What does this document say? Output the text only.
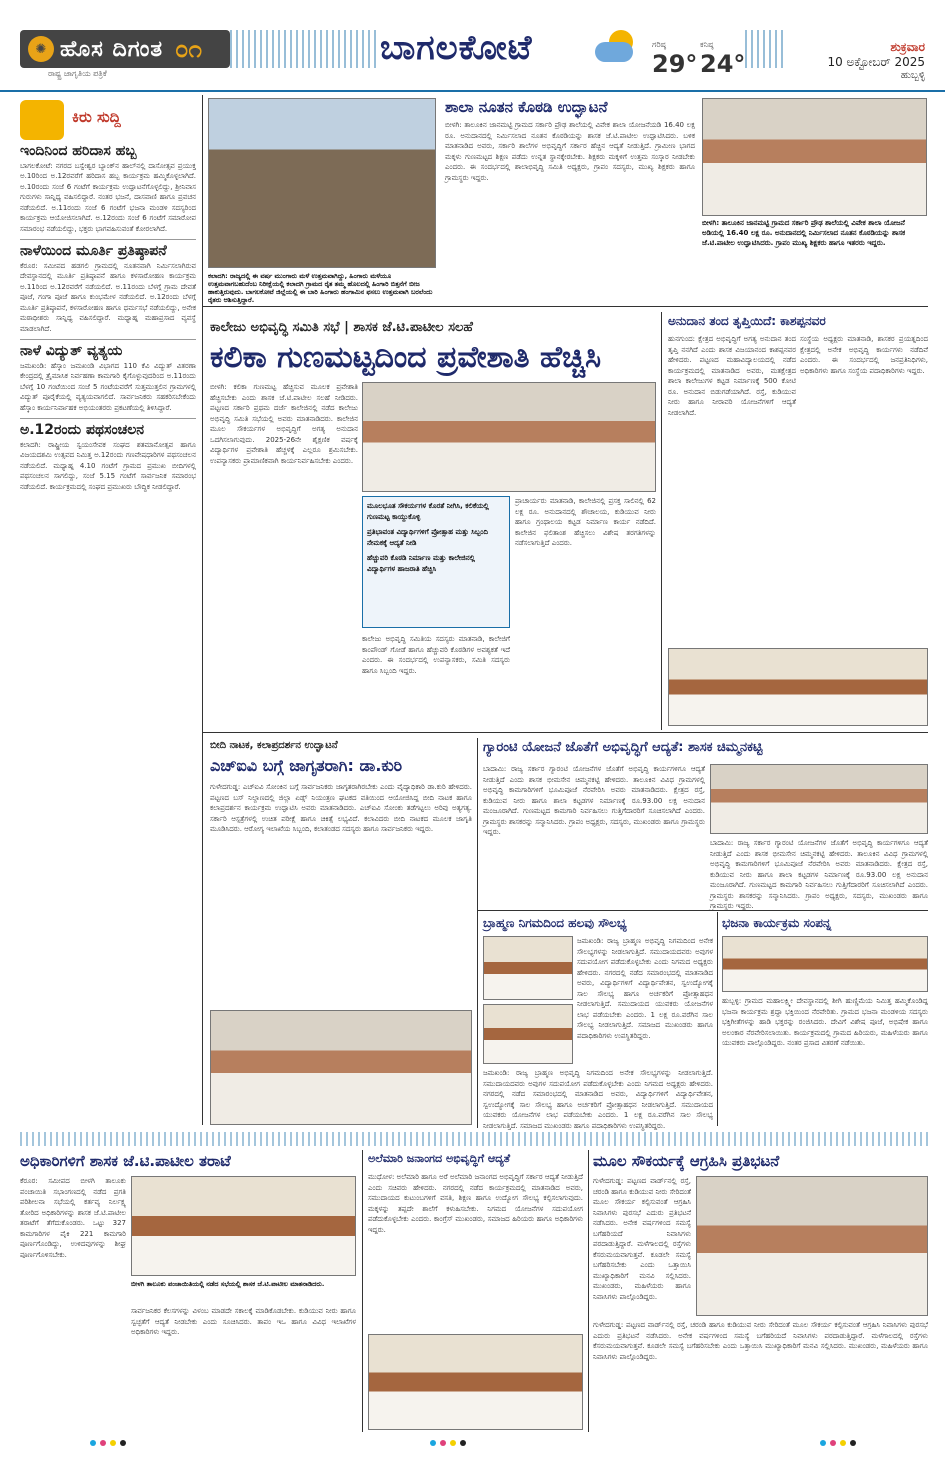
✺ ಹೊಸ ದಿಗಂತ
ರಾಷ್ಟ್ರ ಜಾಗೃತಿಯ ಪತ್ರಿಕೆ
೦೧	ಬಾಗಲಕೋಟೆ	ಗರಿಷ್ಠ
29°
ಕನಿಷ್ಠ
24°
ಶುಕ್ರವಾರ
10 ಅಕ್ಟೋಬರ್ 2025
ಹುಬ್ಬಳ್ಳಿ
ಕಿರು ಸುದ್ದಿ
ಇಂದಿನಿಂದ ಹರಿದಾಸ ಹಬ್ಬ
ಬಾಗಲಕೋಟೆ: ನಗರದ ಬಸ್ವೇಶ್ವರ ಬ್ಯಾಂಕ್‌ನ ಹಾಲ್‌ನಲ್ಲಿ ದಾಸೋತ್ಸವ ಪ್ರಯುಕ್ತ ಅ.10ರಿಂದ ಅ.12ರವರೆಗೆ ಹರಿದಾಸ ಹಬ್ಬ ಕಾರ್ಯಕ್ರಮ ಹಮ್ಮಿಕೊಳ್ಳಲಾಗಿದೆ. ಅ.10ರಂದು ಸಂಜೆ 6 ಗಂಟೆಗೆ ಕಾರ್ಯಕ್ರಮ ಉದ್ಘಾಟನೆಗೊಳ್ಳಲಿದ್ದು, ಶ್ರೀನಿವಾಸ ಗುರುಗಳು ಸಾನ್ನಿಧ್ಯ ವಹಿಸಲಿದ್ದಾರೆ. ನಂತರ ಭಜನೆ, ದಾಸವಾಣಿ ಹಾಗೂ ಪ್ರವಚನ ನಡೆಯಲಿದೆ. ಅ.11ರಂದು ಸಂಜೆ 6 ಗಂಟೆಗೆ ಭಜನಾ ಮಂಡಳಿ ಸದಸ್ಯರಿಂದ ಕಾರ್ಯಕ್ರಮ ಆಯೋಜಿಸಲಾಗಿದೆ. ಅ.12ರಂದು ಸಂಜೆ 6 ಗಂಟೆಗೆ ಸಮಾರೋಪ ಸಮಾರಂಭ ನಡೆಯಲಿದ್ದು, ಭಕ್ತರು ಭಾಗವಹಿಸುವಂತೆ ಕೋರಲಾಗಿದೆ.
ನಾಳೆಯಿಂದ ಮೂರ್ತಿ ಪ್ರತಿಷ್ಠಾಪನೆ
ಕೆರೂರ: ಸಮೀಪದ ಹಡಗಲಿ ಗ್ರಾಮದಲ್ಲಿ ನೂತನವಾಗಿ ನಿರ್ಮಿಸಲಾಗಿರುವ ದೇವಸ್ಥಾನದಲ್ಲಿ ಮೂರ್ತಿ ಪ್ರತಿಷ್ಠಾಪನೆ ಹಾಗೂ ಕಳಸಾರೋಹಣ ಕಾರ್ಯಕ್ರಮ ಅ.11ರಿಂದ ಅ.12ರವರೆಗೆ ನಡೆಯಲಿದೆ. ಅ.11ರಂದು ಬೆಳಗ್ಗೆ ಗ್ರಾಮ ದೇವತೆ ಪೂಜೆ, ಗಂಗಾ ಪೂಜೆ ಹಾಗೂ ಕುಂಭಮೇಳ ನಡೆಯಲಿದೆ. ಅ.12ರಂದು ಬೆಳಗ್ಗೆ ಮೂರ್ತಿ ಪ್ರತಿಷ್ಠಾಪನೆ, ಕಳಸಾರೋಹಣ ಹಾಗೂ ಧರ್ಮಸಭೆ ನಡೆಯಲಿದ್ದು, ಅನೇಕ ಮಠಾಧೀಶರು ಸಾನ್ನಿಧ್ಯ ವಹಿಸಲಿದ್ದಾರೆ. ಮಧ್ಯಾಹ್ನ ಮಹಾಪ್ರಸಾದ ವ್ಯವಸ್ಥೆ ಮಾಡಲಾಗಿದೆ.
ನಾಳೆ ವಿದ್ಯುತ್ ವ್ಯತ್ಯಯ
ಜಮಖಂಡಿ: ಹೆಸ್ಕಾಂ ಜಮಖಂಡಿ ವಿಭಾಗದ 110 ಕೆವಿ ವಿದ್ಯುತ್ ವಿತರಣಾ ಕೇಂದ್ರದಲ್ಲಿ ತ್ರೈಮಾಸಿಕ ನಿರ್ವಹಣಾ ಕಾಮಗಾರಿ ಕೈಗೊಳ್ಳುವುದರಿಂದ ಅ.11ರಂದು ಬೆಳಗ್ಗೆ 10 ಗಂಟೆಯಿಂದ ಸಂಜೆ 5 ಗಂಟೆಯವರೆಗೆ ಸುತ್ತಮುತ್ತಲಿನ ಗ್ರಾಮಗಳಲ್ಲಿ ವಿದ್ಯುತ್ ಪೂರೈಕೆಯಲ್ಲಿ ವ್ಯತ್ಯಯವಾಗಲಿದೆ. ಸಾರ್ವಜನಿಕರು ಸಹಕರಿಸಬೇಕೆಂದು ಹೆಸ್ಕಾಂ ಕಾರ್ಯನಿರ್ವಾಹಕ ಅಭಿಯಂತರರು ಪ್ರಕಟಣೆಯಲ್ಲಿ ತಿಳಿಸಿದ್ದಾರೆ.
ಅ.12ರಂದು ಪಥಸಂಚಲನ
ಕಲಾದಗಿ: ರಾಷ್ಟ್ರೀಯ ಸ್ವಯಂಸೇವಕ ಸಂಘದ ಶತಮಾನೋತ್ಸವ ಹಾಗೂ ವಿಜಯದಶಮಿ ಉತ್ಸವದ ನಿಮಿತ್ತ ಅ.12ರಂದು ಗಣವೇಷಧಾರಿಗಳ ಪಥಸಂಚಲನ ನಡೆಯಲಿದೆ. ಮಧ್ಯಾಹ್ನ 4.10 ಗಂಟೆಗೆ ಗ್ರಾಮದ ಪ್ರಮುಖ ಬೀದಿಗಳಲ್ಲಿ ಪಥಸಂಚಲನ ಸಾಗಲಿದ್ದು, ಸಂಜೆ 5.15 ಗಂಟೆಗೆ ಸಾರ್ವಜನಿಕ ಸಮಾರಂಭ ನಡೆಯಲಿದೆ. ಕಾರ್ಯಕ್ರಮದಲ್ಲಿ ಸಂಘದ ಪ್ರಮುಖರು ಬೌದ್ಧಿಕ ನೀಡಲಿದ್ದಾರೆ.
ಕಲಾದಗಿ: ರಾಜ್ಯದಲ್ಲಿ ಈ ವರ್ಷ ಮುಂಗಾರು ಮಳೆ ಉತ್ತಮವಾಗಿದ್ದು, ಹಿಂಗಾರು ಮಳೆಯೂ ಉತ್ತಮವಾಗಬಹುದೆಂಬ ನಿರೀಕ್ಷೆಯಲ್ಲಿ ಕಲಾದಗಿ ಗ್ರಾಮದ ರೈತ ತಮ್ಮ ಹೊಲದಲ್ಲಿ ಹಿಂಗಾರಿ ಬಿತ್ತನೆಗೆ ಬೀಜ ಹಾಕುತ್ತಿರುವುದು. ಬಾಗಲಕೋಟೆ ಜಿಲ್ಲೆಯಲ್ಲಿ ಈ ಬಾರಿ ಹಿಂಗಾರು ಹಂಗಾಮಿನ ಫಸಲು ಉತ್ತಮವಾಗಿ ಬರಲೆಂದು ರೈತರು ಆಶಿಸುತ್ತಿದ್ದಾರೆ.
ಶಾಲಾ ನೂತನ ಕೊಠಡಿ ಉದ್ಘಾಟನೆ
ಬೀಳಗಿ: ತಾಲೂಕಿನ ಜಾನಮಟ್ಟಿ ಗ್ರಾಮದ ಸರ್ಕಾರಿ ಪ್ರೌಢ ಶಾಲೆಯಲ್ಲಿ ವಿವೇಕ ಶಾಲಾ ಯೋಜನೆಯಡಿ 16.40 ಲಕ್ಷ ರೂ. ಅನುದಾನದಲ್ಲಿ ನಿರ್ಮಿಸಲಾದ ನೂತನ ಕೊಠಡಿಯನ್ನು ಶಾಸಕ ಜೆ.ಟಿ.ಪಾಟೀಲ ಉದ್ಘಾಟಿಸಿದರು. ಬಳಿಕ ಮಾತನಾಡಿದ ಅವರು, ಸರ್ಕಾರಿ ಶಾಲೆಗಳ ಅಭಿವೃದ್ಧಿಗೆ ಸರ್ಕಾರ ಹೆಚ್ಚಿನ ಆದ್ಯತೆ ನೀಡುತ್ತಿದೆ. ಗ್ರಾಮೀಣ ಭಾಗದ ಮಕ್ಕಳು ಗುಣಮಟ್ಟದ ಶಿಕ್ಷಣ ಪಡೆದು ಉನ್ನತ ಸ್ಥಾನಕ್ಕೇರಬೇಕು. ಶಿಕ್ಷಕರು ಮಕ್ಕಳಿಗೆ ಉತ್ತಮ ಸಂಸ್ಕಾರ ನೀಡಬೇಕು ಎಂದರು. ಈ ಸಂದರ್ಭದಲ್ಲಿ ಶಾಲಾಭಿವೃದ್ಧಿ ಸಮಿತಿ ಅಧ್ಯಕ್ಷರು, ಗ್ರಾಪಂ ಸದಸ್ಯರು, ಮುಖ್ಯ ಶಿಕ್ಷಕರು ಹಾಗೂ ಗ್ರಾಮಸ್ಥರು ಇದ್ದರು.
ಬೀಳಗಿ: ತಾಲೂಕಿನ ಜಾನಮಟ್ಟಿ ಗ್ರಾಮದ ಸರ್ಕಾರಿ ಪ್ರೌಢ ಶಾಲೆಯಲ್ಲಿ ವಿವೇಕ ಶಾಲಾ ಯೋಜನೆ ಅಡಿಯಲ್ಲಿ 16.40 ಲಕ್ಷ ರೂ. ಅನುದಾನದಲ್ಲಿ ನಿರ್ಮಿಸಲಾದ ನೂತನ ಕೊಠಡಿಯನ್ನು ಶಾಸಕ ಜೆ.ಟಿ.ಪಾಟೀಲ ಉದ್ಘಾಟಿಸಿದರು. ಗ್ರಾಪಂ ಮುಖ್ಯ ಶಿಕ್ಷಕರು ಹಾಗೂ ಇತರರು ಇದ್ದರು.
ಕಾಲೇಜು ಅಭಿವೃದ್ಧಿ ಸಮಿತಿ ಸಭೆ | ಶಾಸಕ ಜೆ.ಟಿ.ಪಾಟೀಲ ಸಲಹೆ
ಕಲಿಕಾ ಗುಣಮಟ್ಟದಿಂದ ಪ್ರವೇಶಾತಿ ಹೆಚ್ಚಿಸಿ
ಬೀಳಗಿ: ಕಲಿಕಾ ಗುಣಮಟ್ಟ ಹೆಚ್ಚಿಸುವ ಮೂಲಕ ಪ್ರವೇಶಾತಿ ಹೆಚ್ಚಿಸಬೇಕು ಎಂದು ಶಾಸಕ ಜೆ.ಟಿ.ಪಾಟೀಲ ಸಲಹೆ ನೀಡಿದರು. ಪಟ್ಟಣದ ಸರ್ಕಾರಿ ಪ್ರಥಮ ದರ್ಜೆ ಕಾಲೇಜಿನಲ್ಲಿ ನಡೆದ ಕಾಲೇಜು ಅಭಿವೃದ್ಧಿ ಸಮಿತಿ ಸಭೆಯಲ್ಲಿ ಅವರು ಮಾತನಾಡಿದರು. ಕಾಲೇಜಿನ ಮೂಲ ಸೌಕರ್ಯಗಳ ಅಭಿವೃದ್ಧಿಗೆ ಅಗತ್ಯ ಅನುದಾನ ಒದಗಿಸಲಾಗುವುದು. 2025-26ನೇ ಶೈಕ್ಷಣಿಕ ವರ್ಷಕ್ಕೆ ವಿದ್ಯಾರ್ಥಿಗಳ ಪ್ರವೇಶಾತಿ ಹೆಚ್ಚಳಕ್ಕೆ ಎಲ್ಲರೂ ಶ್ರಮಿಸಬೇಕು. ಉಪನ್ಯಾಸಕರು ಪ್ರಾಮಾಣಿಕವಾಗಿ ಕಾರ್ಯನಿರ್ವಹಿಸಬೇಕು ಎಂದರು.
ಮೂಲಭೂತ ಸೌಕರ್ಯಗಳ ಕೊರತೆ ನೀಗಿಸಿ, ಕಲಿಕೆಯಲ್ಲಿ ಗುಣಮಟ್ಟ ಕಾಯ್ದುಕೊಳ್ಳಿ
ಪ್ರತಿಭಾವಂತ ವಿದ್ಯಾರ್ಥಿಗಳಿಗೆ ಪ್ರೋತ್ಸಾಹ ಮತ್ತು ಸಿಬ್ಬಂದಿ ನೇಮಕಕ್ಕೆ ಆದ್ಯತೆ ನೀಡಿ
ಹೆಚ್ಚುವರಿ ಕೊಠಡಿ ನಿರ್ಮಾಣ ಮತ್ತು ಕಾಲೇಜಿನಲ್ಲಿ ವಿದ್ಯಾರ್ಥಿಗಳ ಹಾಜರಾತಿ ಹೆಚ್ಚಿಸಿ
ಪ್ರಾಚಾರ್ಯರು ಮಾತನಾಡಿ, ಕಾಲೇಜಿನಲ್ಲಿ ಪ್ರಸಕ್ತ ಸಾಲಿನಲ್ಲಿ 62 ಲಕ್ಷ ರೂ. ಅನುದಾನದಲ್ಲಿ ಶೌಚಾಲಯ, ಕುಡಿಯುವ ನೀರು ಹಾಗೂ ಗ್ರಂಥಾಲಯ ಕಟ್ಟಡ ನಿರ್ಮಾಣ ಕಾರ್ಯ ನಡೆದಿದೆ. ಕಾಲೇಜಿನ ಫಲಿತಾಂಶ ಹೆಚ್ಚಿಸಲು ವಿಶೇಷ ತರಗತಿಗಳನ್ನು ನಡೆಸಲಾಗುತ್ತಿದೆ ಎಂದರು.
ಕಾಲೇಜು ಅಭಿವೃದ್ಧಿ ಸಮಿತಿಯ ಸದಸ್ಯರು ಮಾತನಾಡಿ, ಕಾಲೇಜಿಗೆ ಕಾಂಪೌಂಡ್ ಗೋಡೆ ಹಾಗೂ ಹೆಚ್ಚುವರಿ ಕೊಠಡಿಗಳ ಅವಶ್ಯಕತೆ ಇದೆ ಎಂದರು. ಈ ಸಂದರ್ಭದಲ್ಲಿ ಉಪನ್ಯಾಸಕರು, ಸಮಿತಿ ಸದಸ್ಯರು ಹಾಗೂ ಸಿಬ್ಬಂದಿ ಇದ್ದರು.
ಅನುದಾನ ತಂದ ತೃಪ್ತಿಯಿದೆ: ಕಾಶಪ್ಪನವರ
ಹುನಗುಂದ: ಕ್ಷೇತ್ರದ ಅಭಿವೃದ್ಧಿಗೆ ಅಗತ್ಯ ಅನುದಾನ ತಂದ ತೃಪ್ತಿ ನನಗಿದೆ ಎಂದು ಶಾಸಕ ವಿಜಯಾನಂದ ಕಾಶಪ್ಪನವರ ಹೇಳಿದರು. ಪಟ್ಟಣದ ಮಹಾವಿದ್ಯಾಲಯದಲ್ಲಿ ನಡೆದ ಕಾರ್ಯಕ್ರಮದಲ್ಲಿ ಮಾತನಾಡಿದ ಅವರು, ಮತಕ್ಷೇತ್ರದ ಶಾಲಾ ಕಾಲೇಜುಗಳ ಕಟ್ಟಡ ನಿರ್ಮಾಣಕ್ಕೆ 500 ಕೋಟಿ ರೂ. ಅನುದಾನ ಬಿಡುಗಡೆಯಾಗಿದೆ. ರಸ್ತೆ, ಕುಡಿಯುವ ನೀರು ಹಾಗೂ ನೀರಾವರಿ ಯೋಜನೆಗಳಿಗೆ ಆದ್ಯತೆ ನೀಡಲಾಗಿದೆ.
ಸಂಸ್ಥೆಯ ಅಧ್ಯಕ್ಷರು ಮಾತನಾಡಿ, ಶಾಸಕರ ಪ್ರಯತ್ನದಿಂದ ಕ್ಷೇತ್ರದಲ್ಲಿ ಅನೇಕ ಅಭಿವೃದ್ಧಿ ಕಾರ್ಯಗಳು ನಡೆದಿವೆ ಎಂದರು. ಈ ಸಂದರ್ಭದಲ್ಲಿ ಜನಪ್ರತಿನಿಧಿಗಳು, ಅಧಿಕಾರಿಗಳು ಹಾಗೂ ಸಂಸ್ಥೆಯ ಪದಾಧಿಕಾರಿಗಳು ಇದ್ದರು.
ಬೀದಿ ನಾಟಕ, ಕಲಾಪ್ರದರ್ಶನ ಉದ್ಘಾಟನೆ
ಎಚ್‌ಐವಿ ಬಗ್ಗೆ ಜಾಗೃತರಾಗಿ: ಡಾ.ಕುರಿ
ಗುಳೇದಗುಡ್ಡ: ಎಚ್‌ಐವಿ ಸೋಂಕಿನ ಬಗ್ಗೆ ಸಾರ್ವಜನಿಕರು ಜಾಗೃತರಾಗಿರಬೇಕು ಎಂದು ವೈದ್ಯಾಧಿಕಾರಿ ಡಾ.ಕುರಿ ಹೇಳಿದರು. ಪಟ್ಟಣದ ಬಸ್ ನಿಲ್ದಾಣದಲ್ಲಿ ಜಿಲ್ಲಾ ಏಡ್ಸ್ ನಿಯಂತ್ರಣ ಘಟಕದ ವತಿಯಿಂದ ಆಯೋಜಿಸಿದ್ದ ಬೀದಿ ನಾಟಕ ಹಾಗೂ ಕಲಾಪ್ರದರ್ಶನ ಕಾರ್ಯಕ್ರಮ ಉದ್ಘಾಟಿಸಿ ಅವರು ಮಾತನಾಡಿದರು. ಎಚ್‌ಐವಿ ಸೋಂಕು ತಡೆಗಟ್ಟಲು ಅರಿವು ಅತ್ಯಗತ್ಯ. ಸರ್ಕಾರಿ ಆಸ್ಪತ್ರೆಗಳಲ್ಲಿ ಉಚಿತ ಪರೀಕ್ಷೆ ಹಾಗೂ ಚಿಕಿತ್ಸೆ ಲಭ್ಯವಿದೆ. ಕಲಾವಿದರು ಬೀದಿ ನಾಟಕದ ಮೂಲಕ ಜಾಗೃತಿ ಮೂಡಿಸಿದರು. ಆರೋಗ್ಯ ಇಲಾಖೆಯ ಸಿಬ್ಬಂದಿ, ಕಲಾತಂಡದ ಸದಸ್ಯರು ಹಾಗೂ ಸಾರ್ವಜನಿಕರು ಇದ್ದರು.
ಗ್ಯಾರಂಟಿ ಯೋಜನೆ ಜೊತೆಗೆ ಅಭಿವೃದ್ಧಿಗೆ ಆದ್ಯತೆ: ಶಾಸಕ ಚಿಮ್ಮನಕಟ್ಟಿ
ಬಾದಾಮಿ: ರಾಜ್ಯ ಸರ್ಕಾರ ಗ್ಯಾರಂಟಿ ಯೋಜನೆಗಳ ಜೊತೆಗೆ ಅಭಿವೃದ್ಧಿ ಕಾರ್ಯಗಳಿಗೂ ಆದ್ಯತೆ ನೀಡುತ್ತಿದೆ ಎಂದು ಶಾಸಕ ಭೀಮಸೇನ ಚಿಮ್ಮನಕಟ್ಟಿ ಹೇಳಿದರು. ತಾಲೂಕಿನ ವಿವಿಧ ಗ್ರಾಮಗಳಲ್ಲಿ ಅಭಿವೃದ್ಧಿ ಕಾಮಗಾರಿಗಳಿಗೆ ಭೂಮಿಪೂಜೆ ನೆರವೇರಿಸಿ ಅವರು ಮಾತನಾಡಿದರು. ಕ್ಷೇತ್ರದ ರಸ್ತೆ, ಕುಡಿಯುವ ನೀರು ಹಾಗೂ ಶಾಲಾ ಕಟ್ಟಡಗಳ ನಿರ್ಮಾಣಕ್ಕೆ ರೂ.93.00 ಲಕ್ಷ ಅನುದಾನ ಮಂಜೂರಾಗಿದೆ. ಗುಣಮಟ್ಟದ ಕಾಮಗಾರಿ ನಿರ್ವಹಿಸಲು ಗುತ್ತಿಗೆದಾರರಿಗೆ ಸೂಚಿಸಲಾಗಿದೆ ಎಂದರು. ಗ್ರಾಮಸ್ಥರು ಶಾಸಕರನ್ನು ಸನ್ಮಾನಿಸಿದರು. ಗ್ರಾಪಂ ಅಧ್ಯಕ್ಷರು, ಸದಸ್ಯರು, ಮುಖಂಡರು ಹಾಗೂ ಗ್ರಾಮಸ್ಥರು ಇದ್ದರು.
ಬಾದಾಮಿ: ರಾಜ್ಯ ಸರ್ಕಾರ ಗ್ಯಾರಂಟಿ ಯೋಜನೆಗಳ ಜೊತೆಗೆ ಅಭಿವೃದ್ಧಿ ಕಾರ್ಯಗಳಿಗೂ ಆದ್ಯತೆ ನೀಡುತ್ತಿದೆ ಎಂದು ಶಾಸಕ ಭೀಮಸೇನ ಚಿಮ್ಮನಕಟ್ಟಿ ಹೇಳಿದರು. ತಾಲೂಕಿನ ವಿವಿಧ ಗ್ರಾಮಗಳಲ್ಲಿ ಅಭಿವೃದ್ಧಿ ಕಾಮಗಾರಿಗಳಿಗೆ ಭೂಮಿಪೂಜೆ ನೆರವೇರಿಸಿ ಅವರು ಮಾತನಾಡಿದರು. ಕ್ಷೇತ್ರದ ರಸ್ತೆ, ಕುಡಿಯುವ ನೀರು ಹಾಗೂ ಶಾಲಾ ಕಟ್ಟಡಗಳ ನಿರ್ಮಾಣಕ್ಕೆ ರೂ.93.00 ಲಕ್ಷ ಅನುದಾನ ಮಂಜೂರಾಗಿದೆ. ಗುಣಮಟ್ಟದ ಕಾಮಗಾರಿ ನಿರ್ವಹಿಸಲು ಗುತ್ತಿಗೆದಾರರಿಗೆ ಸೂಚಿಸಲಾಗಿದೆ ಎಂದರು. ಗ್ರಾಮಸ್ಥರು ಶಾಸಕರನ್ನು ಸನ್ಮಾನಿಸಿದರು. ಗ್ರಾಪಂ ಅಧ್ಯಕ್ಷರು, ಸದಸ್ಯರು, ಮುಖಂಡರು ಹಾಗೂ ಗ್ರಾಮಸ್ಥರು ಇದ್ದರು.
ಬ್ರಾಹ್ಮಣ ನಿಗಮದಿಂದ ಹಲವು ಸೌಲಭ್ಯ
ಜಮಖಂಡಿ: ರಾಜ್ಯ ಬ್ರಾಹ್ಮಣ ಅಭಿವೃದ್ಧಿ ನಿಗಮದಿಂದ ಅನೇಕ ಸೌಲಭ್ಯಗಳನ್ನು ನೀಡಲಾಗುತ್ತಿದೆ. ಸಮುದಾಯದವರು ಅವುಗಳ ಸದುಪಯೋಗ ಪಡೆದುಕೊಳ್ಳಬೇಕು ಎಂದು ನಿಗಮದ ಅಧ್ಯಕ್ಷರು ಹೇಳಿದರು. ನಗರದಲ್ಲಿ ನಡೆದ ಸಮಾರಂಭದಲ್ಲಿ ಮಾತನಾಡಿದ ಅವರು, ವಿದ್ಯಾರ್ಥಿಗಳಿಗೆ ವಿದ್ಯಾರ್ಥಿವೇತನ, ಸ್ವಉದ್ಯೋಗಕ್ಕೆ ಸಾಲ ಸೌಲಭ್ಯ ಹಾಗೂ ಅರ್ಚಕರಿಗೆ ಪ್ರೋತ್ಸಾಹಧನ ನೀಡಲಾಗುತ್ತಿದೆ. ಸಮುದಾಯದ ಯುವಕರು ಯೋಜನೆಗಳ ಲಾಭ ಪಡೆಯಬೇಕು ಎಂದರು. 1 ಲಕ್ಷ ರೂ.ವರೆಗಿನ ಸಾಲ ಸೌಲಭ್ಯ ನೀಡಲಾಗುತ್ತಿದೆ. ಸಮಾಜದ ಮುಖಂಡರು ಹಾಗೂ ಪದಾಧಿಕಾರಿಗಳು ಉಪಸ್ಥಿತರಿದ್ದರು.
ಜಮಖಂಡಿ: ರಾಜ್ಯ ಬ್ರಾಹ್ಮಣ ಅಭಿವೃದ್ಧಿ ನಿಗಮದಿಂದ ಅನೇಕ ಸೌಲಭ್ಯಗಳನ್ನು ನೀಡಲಾಗುತ್ತಿದೆ. ಸಮುದಾಯದವರು ಅವುಗಳ ಸದುಪಯೋಗ ಪಡೆದುಕೊಳ್ಳಬೇಕು ಎಂದು ನಿಗಮದ ಅಧ್ಯಕ್ಷರು ಹೇಳಿದರು. ನಗರದಲ್ಲಿ ನಡೆದ ಸಮಾರಂಭದಲ್ಲಿ ಮಾತನಾಡಿದ ಅವರು, ವಿದ್ಯಾರ್ಥಿಗಳಿಗೆ ವಿದ್ಯಾರ್ಥಿವೇತನ, ಸ್ವಉದ್ಯೋಗಕ್ಕೆ ಸಾಲ ಸೌಲಭ್ಯ ಹಾಗೂ ಅರ್ಚಕರಿಗೆ ಪ್ರೋತ್ಸಾಹಧನ ನೀಡಲಾಗುತ್ತಿದೆ. ಸಮುದಾಯದ ಯುವಕರು ಯೋಜನೆಗಳ ಲಾಭ ಪಡೆಯಬೇಕು ಎಂದರು. 1 ಲಕ್ಷ ರೂ.ವರೆಗಿನ ಸಾಲ ಸೌಲಭ್ಯ ನೀಡಲಾಗುತ್ತಿದೆ. ಸಮಾಜದ ಮುಖಂಡರು ಹಾಗೂ ಪದಾಧಿಕಾರಿಗಳು ಉಪಸ್ಥಿತರಿದ್ದರು.
ಭಜನಾ ಕಾರ್ಯಕ್ರಮ ಸಂಪನ್ನ
ಹುಬ್ಬಳ್ಳಿ: ಗ್ರಾಮದ ಮಹಾಲಕ್ಷ್ಮೀ ದೇವಸ್ಥಾನದಲ್ಲಿ ಶೀಗಿ ಹುಣ್ಣಿಮೆಯ ನಿಮಿತ್ತ ಹಮ್ಮಿಕೊಂಡಿದ್ದ ಭಜನಾ ಕಾರ್ಯಕ್ರಮ ಶ್ರದ್ಧಾ ಭಕ್ತಿಯಿಂದ ನೆರವೇರಿತು. ಗ್ರಾಮದ ಭಜನಾ ಮಂಡಳಿಯ ಸದಸ್ಯರು ಭಕ್ತಿಗೀತೆಗಳನ್ನು ಹಾಡಿ ಭಕ್ತರನ್ನು ರಂಜಿಸಿದರು. ದೇವಿಗೆ ವಿಶೇಷ ಪೂಜೆ, ಅಭಿಷೇಕ ಹಾಗೂ ಅಲಂಕಾರ ನೆರವೇರಿಸಲಾಯಿತು. ಕಾರ್ಯಕ್ರಮದಲ್ಲಿ ಗ್ರಾಮದ ಹಿರಿಯರು, ಮಹಿಳೆಯರು ಹಾಗೂ ಯುವಕರು ಪಾಲ್ಗೊಂಡಿದ್ದರು. ನಂತರ ಪ್ರಸಾದ ವಿತರಣೆ ನಡೆಯಿತು.
ಅಧಿಕಾರಿಗಳಿಗೆ ಶಾಸಕ ಜೆ.ಟಿ.ಪಾಟೀಲ ತರಾಟೆ
ಕೆರೂರ: ಸಮೀಪದ ಬೀಳಗಿ ತಾಲೂಕು ಪಂಚಾಯಿತಿ ಸಭಾಂಗಣದಲ್ಲಿ ನಡೆದ ಪ್ರಗತಿ ಪರಿಶೀಲನಾ ಸಭೆಯಲ್ಲಿ ಕರ್ತವ್ಯ ನಿರ್ಲಕ್ಷ್ಯ ತೋರಿದ ಅಧಿಕಾರಿಗಳನ್ನು ಶಾಸಕ ಜೆ.ಟಿ.ಪಾಟೀಲ ತರಾಟೆಗೆ ತೆಗೆದುಕೊಂಡರು. ಒಟ್ಟು 327 ಕಾಮಗಾರಿಗಳ ಪೈಕಿ 221 ಕಾಮಗಾರಿ ಪೂರ್ಣಗೊಂಡಿದ್ದು, ಉಳಿದವುಗಳನ್ನು ಶೀಘ್ರ ಪೂರ್ಣಗೊಳಿಸಬೇಕು.
ಬೀಳಗಿ ತಾಲೂಕು ಪಂಚಾಯಿತಿಯಲ್ಲಿ ನಡೆದ ಸಭೆಯಲ್ಲಿ ಶಾಸಕ ಜೆ.ಟಿ.ಪಾಟೀಲ ಮಾತನಾಡಿದರು.
ಸಾರ್ವಜನಿಕರ ಕೆಲಸಗಳನ್ನು ವಿಳಂಬ ಮಾಡದೇ ಸಕಾಲಕ್ಕೆ ಮಾಡಿಕೊಡಬೇಕು. ಕುಡಿಯುವ ನೀರು ಹಾಗೂ ಸ್ವಚ್ಛತೆಗೆ ಆದ್ಯತೆ ನೀಡಬೇಕು ಎಂದು ಸೂಚಿಸಿದರು. ತಾಪಂ ಇಒ ಹಾಗೂ ವಿವಿಧ ಇಲಾಖೆಗಳ ಅಧಿಕಾರಿಗಳು ಇದ್ದರು.
ಅಲೆಮಾರಿ ಜನಾಂಗದ ಅಭಿವೃದ್ಧಿಗೆ ಆದ್ಯತೆ
ಮುಧೋಳ: ಅಲೆಮಾರಿ ಹಾಗೂ ಅರೆ ಅಲೆಮಾರಿ ಜನಾಂಗದ ಅಭಿವೃದ್ಧಿಗೆ ಸರ್ಕಾರ ಆದ್ಯತೆ ನೀಡುತ್ತಿದೆ ಎಂದು ಸಚಿವರು ಹೇಳಿದರು. ನಗರದಲ್ಲಿ ನಡೆದ ಕಾರ್ಯಕ್ರಮದಲ್ಲಿ ಮಾತನಾಡಿದ ಅವರು, ಸಮುದಾಯದ ಕುಟುಂಬಗಳಿಗೆ ವಸತಿ, ಶಿಕ್ಷಣ ಹಾಗೂ ಉದ್ಯೋಗ ಸೌಲಭ್ಯ ಕಲ್ಪಿಸಲಾಗುವುದು. ಮಕ್ಕಳನ್ನು ತಪ್ಪದೇ ಶಾಲೆಗೆ ಕಳುಹಿಸಬೇಕು. ನಿಗಮದ ಯೋಜನೆಗಳ ಸದುಪಯೋಗ ಪಡೆದುಕೊಳ್ಳಬೇಕು ಎಂದರು. ಕಾಂಗ್ರೆಸ್ ಮುಖಂಡರು, ಸಮಾಜದ ಹಿರಿಯರು ಹಾಗೂ ಅಧಿಕಾರಿಗಳು ಇದ್ದರು.
ಮೂಲ ಸೌಕರ್ಯಕ್ಕೆ ಆಗ್ರಹಿಸಿ ಪ್ರತಿಭಟನೆ
ಗುಳೇದಗುಡ್ಡ: ಪಟ್ಟಣದ ವಾರ್ಡ್‌ನಲ್ಲಿ ರಸ್ತೆ, ಚರಂಡಿ ಹಾಗೂ ಕುಡಿಯುವ ನೀರು ಸೇರಿದಂತೆ ಮೂಲ ಸೌಕರ್ಯ ಕಲ್ಪಿಸುವಂತೆ ಆಗ್ರಹಿಸಿ ನಿವಾಸಿಗಳು ಪುರಸಭೆ ಎದುರು ಪ್ರತಿಭಟನೆ ನಡೆಸಿದರು. ಅನೇಕ ವರ್ಷಗಳಿಂದ ಸಮಸ್ಯೆ ಬಗೆಹರಿಯದೆ ನಿವಾಸಿಗಳು ಪರದಾಡುತ್ತಿದ್ದಾರೆ. ಮಳೆಗಾಲದಲ್ಲಿ ರಸ್ತೆಗಳು ಕೆಸರುಮಯವಾಗುತ್ತವೆ. ಕೂಡಲೇ ಸಮಸ್ಯೆ ಬಗೆಹರಿಸಬೇಕು ಎಂದು ಒತ್ತಾಯಿಸಿ ಮುಖ್ಯಾಧಿಕಾರಿಗೆ ಮನವಿ ಸಲ್ಲಿಸಿದರು. ಮುಖಂಡರು, ಮಹಿಳೆಯರು ಹಾಗೂ ನಿವಾಸಿಗಳು ಪಾಲ್ಗೊಂಡಿದ್ದರು.
ಗುಳೇದಗುಡ್ಡ: ಪಟ್ಟಣದ ವಾರ್ಡ್‌ನಲ್ಲಿ ರಸ್ತೆ, ಚರಂಡಿ ಹಾಗೂ ಕುಡಿಯುವ ನೀರು ಸೇರಿದಂತೆ ಮೂಲ ಸೌಕರ್ಯ ಕಲ್ಪಿಸುವಂತೆ ಆಗ್ರಹಿಸಿ ನಿವಾಸಿಗಳು ಪುರಸಭೆ ಎದುರು ಪ್ರತಿಭಟನೆ ನಡೆಸಿದರು. ಅನೇಕ ವರ್ಷಗಳಿಂದ ಸಮಸ್ಯೆ ಬಗೆಹರಿಯದೆ ನಿವಾಸಿಗಳು ಪರದಾಡುತ್ತಿದ್ದಾರೆ. ಮಳೆಗಾಲದಲ್ಲಿ ರಸ್ತೆಗಳು ಕೆಸರುಮಯವಾಗುತ್ತವೆ. ಕೂಡಲೇ ಸಮಸ್ಯೆ ಬಗೆಹರಿಸಬೇಕು ಎಂದು ಒತ್ತಾಯಿಸಿ ಮುಖ್ಯಾಧಿಕಾರಿಗೆ ಮನವಿ ಸಲ್ಲಿಸಿದರು. ಮುಖಂಡರು, ಮಹಿಳೆಯರು ಹಾಗೂ ನಿವಾಸಿಗಳು ಪಾಲ್ಗೊಂಡಿದ್ದರು.
